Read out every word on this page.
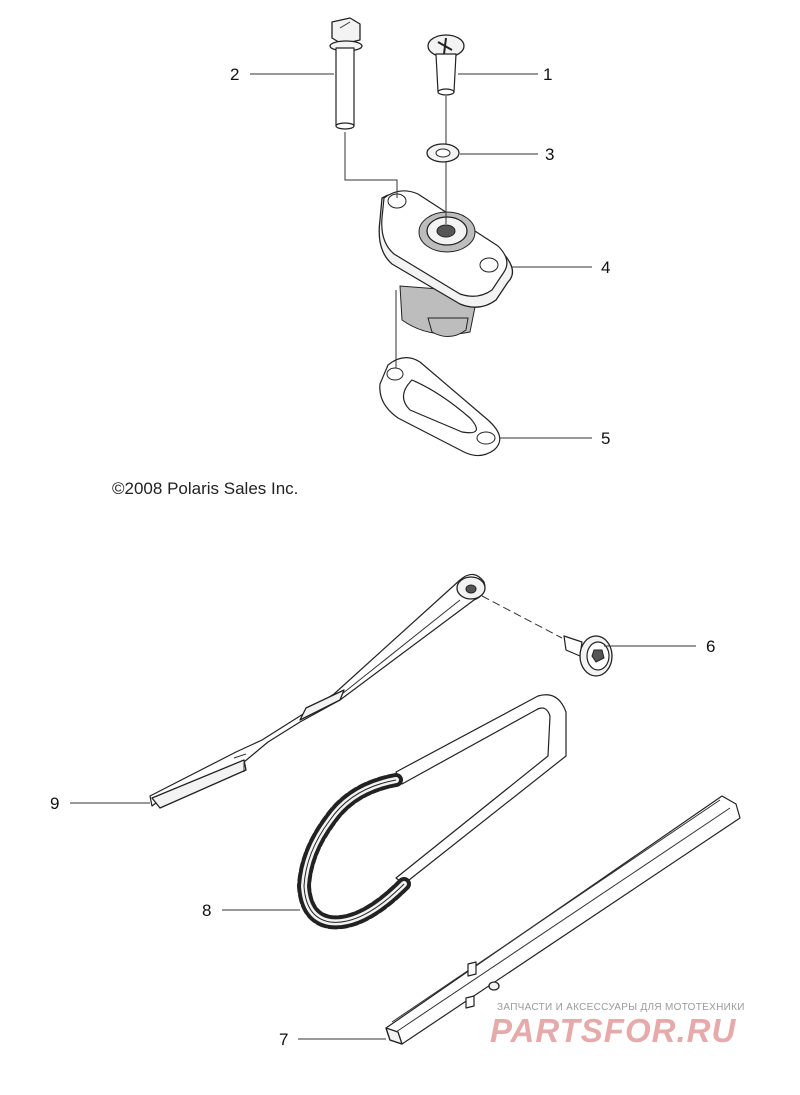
1
2
3
4
5
6
7
8
9
©2008 Polaris Sales Inc.
ЗАПЧАСТИ И АКСЕССУАРЫ ДЛЯ МОТОТЕХНИКИ
PARTSFOR.RU
